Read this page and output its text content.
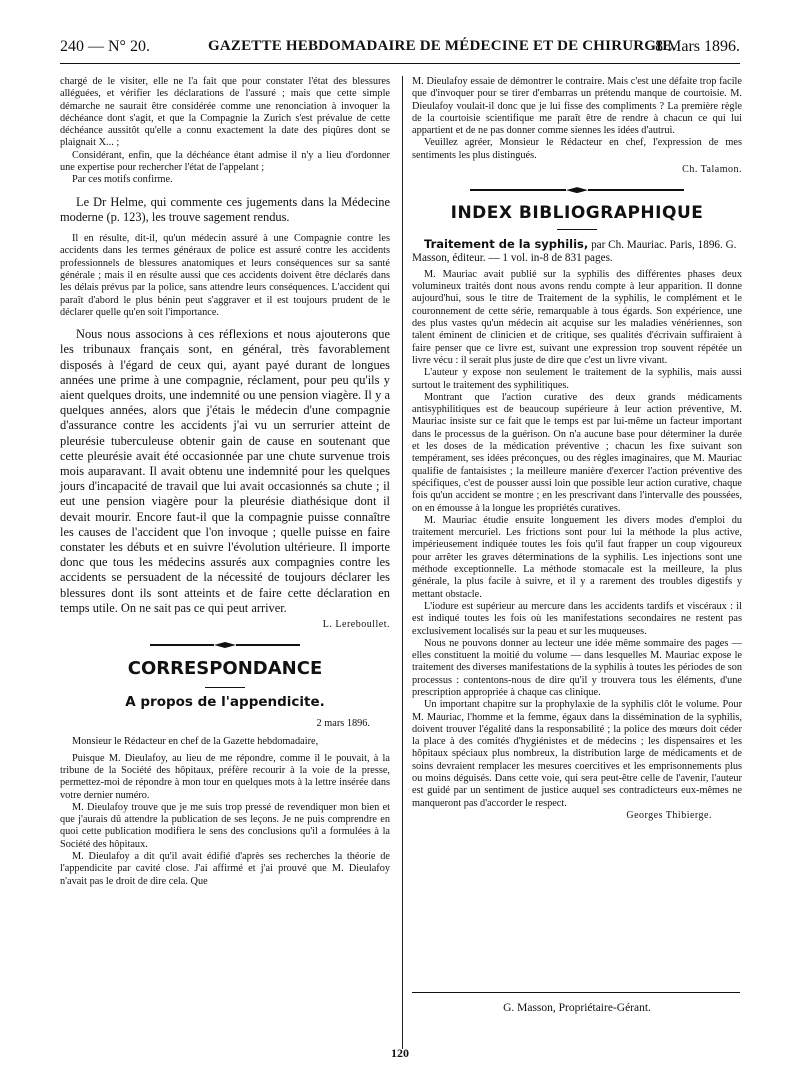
240 — N° 20.	GAZETTE HEBDOMADAIRE DE MÉDECINE ET DE CHIRURGIE.
8 Mars 1896.

chargé de le visiter, elle ne l'a fait que pour constater l'état des blessures alléguées, et vérifier les déclarations de l'assuré ; mais que cette simple démarche ne saurait être considérée comme une renonciation à invoquer la déchéance dont s'agit, et que la Compagnie la Zurich s'est prévalue de cette déchéance aussitôt qu'elle a connu exactement la date des piqûres dont se plaignait X... ;

Considérant, enfin, que la déchéance étant admise il n'y a lieu d'ordonner une expertise pour rechercher l'état de l'appelant ;

Par ces motifs confirme.

Le Dr Helme, qui commente ces jugements dans la Médecine moderne (p. 123), les trouve sagement rendus.

Il en résulte, dit-il, qu'un médecin assuré à une Compagnie contre les accidents dans les termes généraux de police est assuré contre les accidents professionnels de blessures anatomiques et leurs conséquences sur sa santé générale ; mais il en résulte aussi que ces accidents doivent être déclarés dans les délais prévus par la police, sans attendre leurs conséquences. L'accident qui paraît d'abord le plus bénin peut s'aggraver et il est toujours prudent de le déclarer quelle qu'en soit l'importance.

Nous nous associons à ces réflexions et nous ajouterons que les tribunaux français sont, en général, très favorablement disposés à l'égard de ceux qui, ayant payé durant de longues années une prime à une compagnie, réclament, pour peu qu'ils y aient quelques droits, une indemnité ou une pension viagère. Il y a quelques années, alors que j'étais le médecin d'une compagnie d'assurance contre les accidents j'ai vu un serrurier atteint de pleurésie tuberculeuse obtenir gain de cause en soutenant que cette pleurésie avait été occasionnée par une chute survenue trois mois auparavant. Il avait obtenu une indemnité pour les quelques jours d'incapacité de travail que lui avait occasionnés sa chute ; il eut une pension viagère pour la pleurésie diathésique dont il devait mourir. Encore faut-il que la compagnie puisse connaître les causes de l'accident que l'on invoque ; quelle puisse en faire constater les débuts et en suivre l'évolution ultérieure. Il importe donc que tous les médecins assurés aux compagnies contre les accidents se persuadent de la nécessité de toujours déclarer les blessures dont ils sont atteints et de faire cette déclaration en temps utile. On ne sait pas ce qui peut arriver.

L. Lereboullet.

CORRESPONDANCE
A propos de l'appendicite.

2 mars 1896.

Monsieur le Rédacteur en chef de la Gazette hebdomadaire,

Puisque M. Dieulafoy, au lieu de me répondre, comme il le pouvait, à la tribune de la Société des hôpitaux, préfère recourir à la voie de la presse, permettez-moi de répondre à mon tour en quelques mots à la lettre insérée dans votre dernier numéro.

M. Dieulafoy trouve que je me suis trop pressé de revendiquer mon bien et que j'aurais dû attendre la publication de ses leçons. Je ne puis comprendre en quoi cette publication modifiera le sens des conclusions qu'il a formulées à la Société des hôpitaux.

M. Dieulafoy a dit qu'il avait édifié d'après ses recherches la théorie de l'appendicite par cavité close. J'ai affirmé et j'ai prouvé que M. Dieulafoy n'avait pas le droit de dire cela. Que

M. Dieulafoy essaie de démontrer le contraire. Mais c'est une défaite trop facile que d'invoquer pour se tirer d'embarras un prétendu manque de courtoisie. M. Dieulafoy voulait-il donc que je lui fisse des compliments ? La première règle de la courtoisie scientifique me paraît être de rendre à chacun ce qui lui appartient et de ne pas donner comme siennes les idées d'autrui.

Veuillez agréer, Monsieur le Rédacteur en chef, l'expression de mes sentiments les plus distingués.

Ch. Talamon.

INDEX BIBLIOGRAPHIQUE

Traitement de la syphilis, par Ch. Mauriac. Paris, 1896. G. Masson, éditeur. — 1 vol. in-8 de 831 pages.

M. Mauriac avait publié sur la syphilis des différentes phases deux volumineux traités dont nous avons rendu compte à leur apparition. Il donne aujourd'hui, sous le titre de Traitement de la syphilis, le complément et le couronnement de cette série, remarquable à tous égards. Son expérience, une des plus vastes qu'un médecin ait acquise sur les maladies vénériennes, son talent éminent de clinicien et de critique, ses qualités d'écrivain suffiraient à faire penser que ce livre est, suivant une expression trop souvent répétée un livre vécu : il serait plus juste de dire que c'est un livre vivant.

L'auteur y expose non seulement le traitement de la syphilis, mais aussi surtout le traitement des syphilitiques.

Montrant que l'action curative des deux grands médicaments antisyphilitiques est de beaucoup supérieure à leur action préventive, M. Mauriac insiste sur ce fait que le temps est par lui-même un facteur important dans le processus de la guérison. On n'a aucune base pour déterminer la durée et les doses de la médication préventive ; chacun les fixe suivant son tempérament, ses idées préconçues, ou des règles imaginaires, que M. Mauriac qualifie de fantaisistes ; la meilleure manière d'exercer l'action préventive des spécifiques, c'est de pousser aussi loin que possible leur action curative, chaque fois qu'un accident se montre ; en les prescrivant dans l'intervalle des poussées, on en émousse à la longue les propriétés curatives.

M. Mauriac étudie ensuite longuement les divers modes d'emploi du traitement mercuriel. Les frictions sont pour lui la méthode la plus active, impérieusement indiquée toutes les fois qu'il faut frapper un coup vigoureux pour arrêter les graves déterminations de la syphilis. Les injections sont une méthode exceptionnelle. La méthode stomacale est la meilleure, la plus générale, la plus facile à suivre, et il y a rarement des troubles digestifs y mettant obstacle.

L'iodure est supérieur au mercure dans les accidents tardifs et viscéraux : il est indiqué toutes les fois où les manifestations secondaires ne restent pas exclusivement localisés sur la peau et sur les muqueuses.

Nous ne pouvons donner au lecteur une idée même sommaire des pages — elles constituent la moitié du volume — dans lesquelles M. Mauriac expose le traitement des diverses manifestations de la syphilis à toutes les périodes de son processus : contentons-nous de dire qu'il y trouvera tous les éléments, d'une prescription appropriée à chaque cas clinique.

Un important chapitre sur la prophylaxie de la syphilis clôt le volume. Pour M. Mauriac, l'homme et la femme, égaux dans la dissémination de la syphilis, doivent trouver l'égalité dans la responsabilité ; la police des mœurs doit céder la place à des comités d'hygiénistes et de médecins ; les dispensaires et les hôpitaux spéciaux plus nombreux, la distribution large de médicaments et de soins devraient remplacer les mesures coercitives et les emprisonnements plus ou moins déguisés. Dans cette voie, qui sera peut-être celle de l'avenir, l'auteur est guidé par un sentiment de justice auquel ses contradicteurs eux-mêmes ne manqueront pas d'accorder le respect.

Georges Thibierge.

G. Masson, Propriétaire-Gérant.
120
